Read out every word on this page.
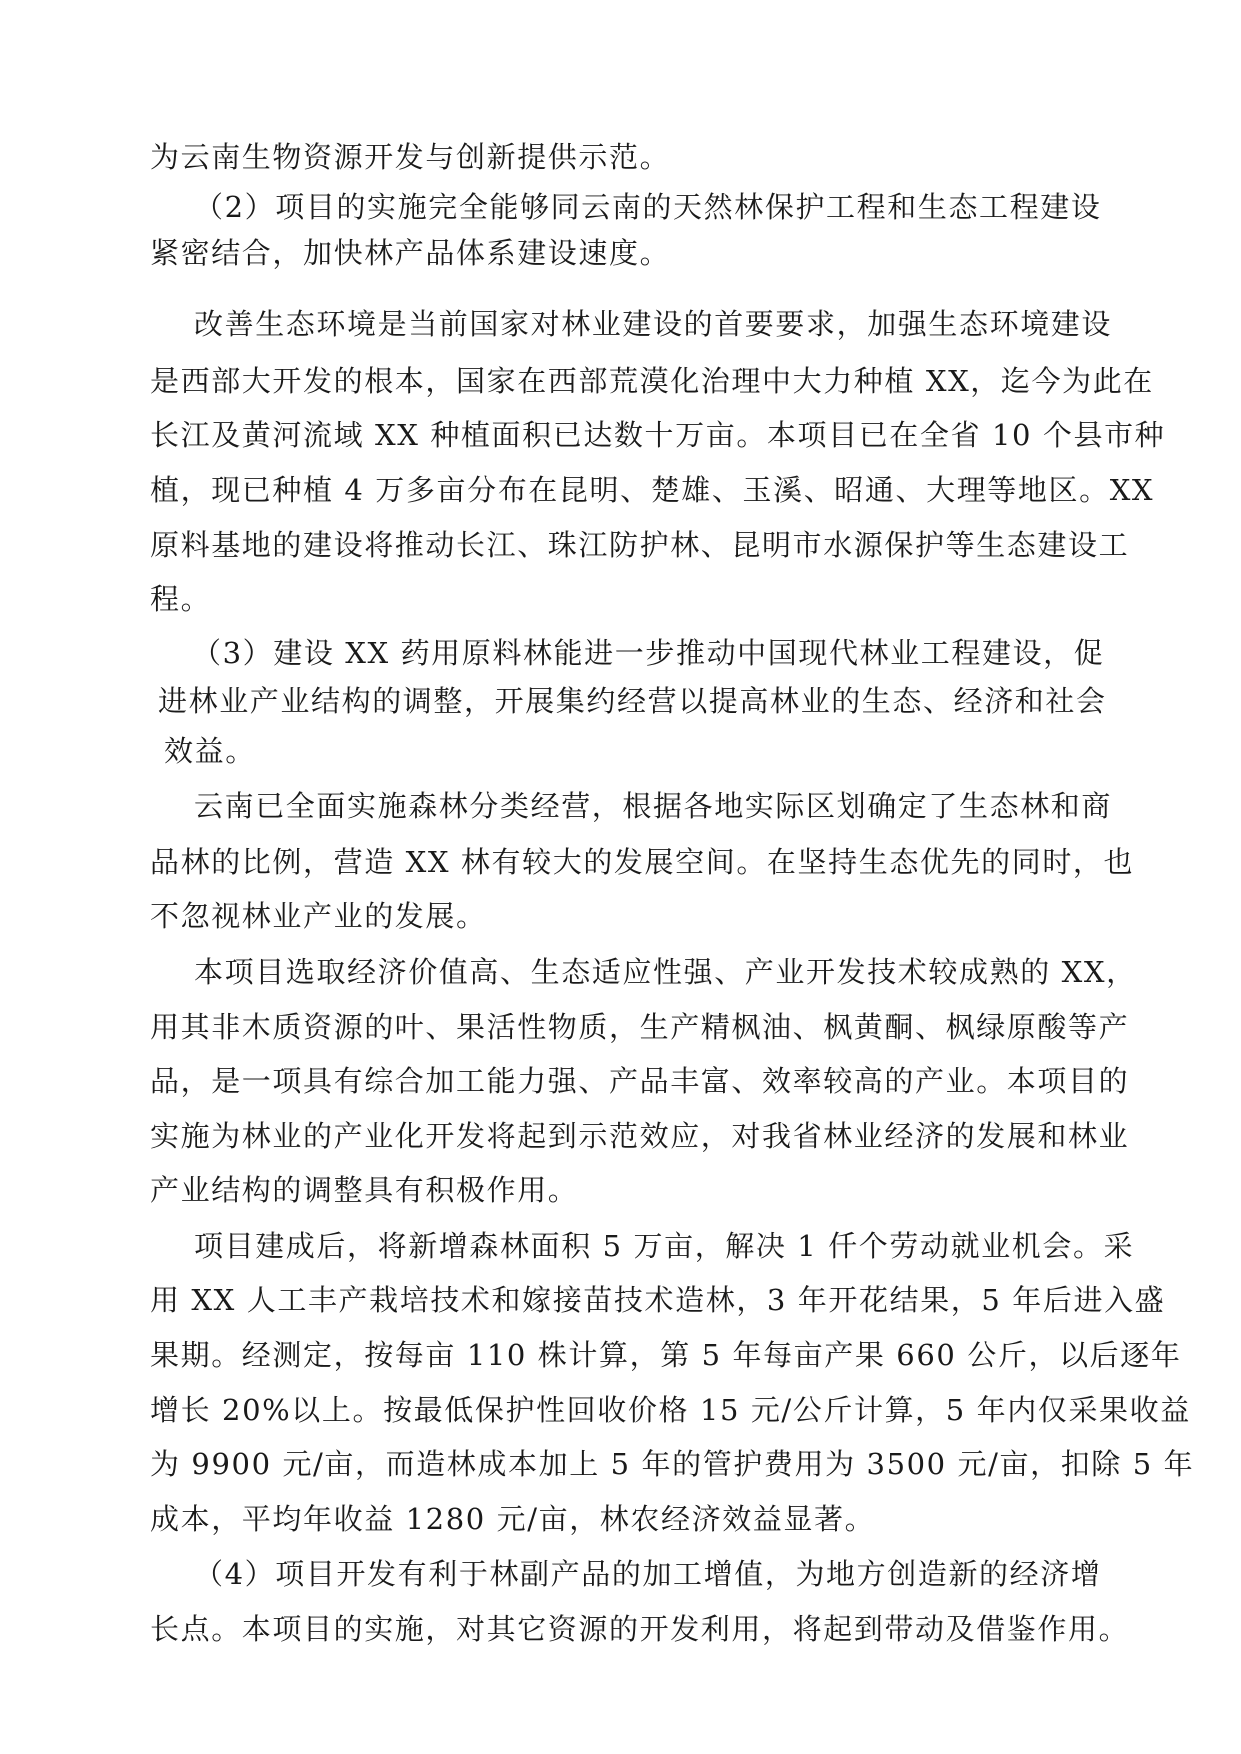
为云南生物资源开发与创新提供示范。
（2）项目的实施完全能够同云南的天然林保护工程和生态工程建设
紧密结合，加快林产品体系建设速度。
改善生态环境是当前国家对林业建设的首要要求，加强生态环境建设
是西部大开发的根本，国家在西部荒漠化治理中大力种植 XX，迄今为此在
长江及黄河流域 XX 种植面积已达数十万亩。本项目已在全省 10 个县市种
植，现已种植 4 万多亩分布在昆明、楚雄、玉溪、昭通、大理等地区。XX
原料基地的建设将推动长江、珠江防护林、昆明市水源保护等生态建设工
程。
（3）建设 XX 药用原料林能进一步推动中国现代林业工程建设，促
进林业产业结构的调整，开展集约经营以提高林业的生态、经济和社会
效益。
云南已全面实施森林分类经营，根据各地实际区划确定了生态林和商
品林的比例，营造 XX 林有较大的发展空间。在坚持生态优先的同时，也
不忽视林业产业的发展。
本项目选取经济价值高、生态适应性强、产业开发技术较成熟的 XX，
用其非木质资源的叶、果活性物质，生产精枫油、枫黄酮、枫绿原酸等产
品，是一项具有综合加工能力强、产品丰富、效率较高的产业。本项目的
实施为林业的产业化开发将起到示范效应，对我省林业经济的发展和林业
产业结构的调整具有积极作用。
项目建成后，将新增森林面积 5 万亩，解决 1 仟个劳动就业机会。采
用 XX 人工丰产栽培技术和嫁接苗技术造林，3 年开花结果，5 年后进入盛
果期。经测定，按每亩 110 株计算，第 5 年每亩产果 660 公斤，以后逐年
增长 20%以上。按最低保护性回收价格 15 元/公斤计算，5 年内仅采果收益
为 9900 元/亩，而造林成本加上 5 年的管护费用为 3500 元/亩，扣除 5 年
成本，平均年收益 1280 元/亩，林农经济效益显著。
（4）项目开发有利于林副产品的加工增值，为地方创造新的经济增
长点。本项目的实施，对其它资源的开发利用，将起到带动及借鉴作用。
